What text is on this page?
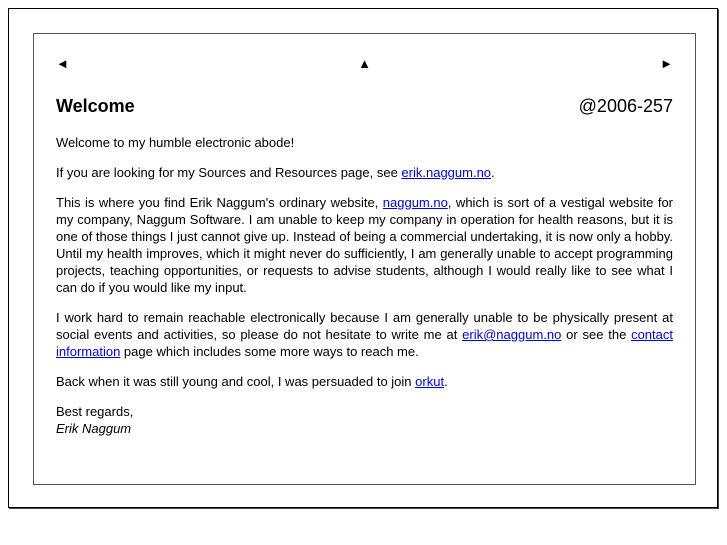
◄	▲	►
Welcome	@2006-257

Welcome to my humble electronic abode!

If you are looking for my Sources and Resources page, see erik.naggum.no.

This is where you find Erik Naggum's ordinary website, naggum.no, which is sort of a vestigal website for my company, Naggum Software. I am unable to keep my company in operation for health reasons, but it is one of those things I just cannot give up. Instead of being a commercial undertaking, it is now only a hobby. Until my health improves, which it might never do sufficiently, I am generally unable to accept programming projects, teaching opportunities, or requests to advise students, although I would really like to see what I can do if you would like my input.

I work hard to remain reachable electronically because I am generally unable to be physically present at social events and activities, so please do not hesitate to write me at erik@naggum.no or see the contact information page which includes some more ways to reach me.

Back when it was still young and cool, I was persuaded to join orkut.

Best regards,
Erik Naggum
